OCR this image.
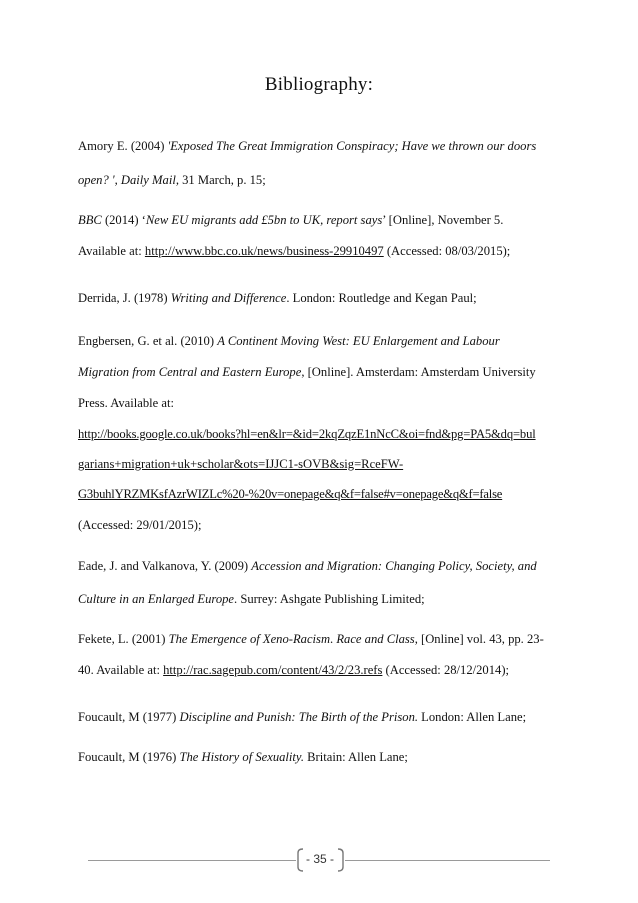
Bibliography:
Amory E. (2004) 'Exposed The Great Immigration Conspiracy; Have we thrown our doors
open? ', Daily Mail, 31 March, p. 15;
BBC (2014) ‘New EU migrants add £5bn to UK, report says’ [Online], November 5.
Available at: http://www.bbc.co.uk/news/business-29910497 (Accessed: 08/03/2015);
Derrida, J. (1978) Writing and Difference. London: Routledge and Kegan Paul;
Engbersen, G. et al. (2010) A Continent Moving West: EU Enlargement and Labour
Migration from Central and Eastern Europe, [Online]. Amsterdam: Amsterdam University
Press. Available at:
http://books.google.co.uk/books?hl=en&lr=&id=2kqZqzE1nNcC&oi=fnd&pg=PA5&dq=bul
garians+migration+uk+scholar&ots=IJJC1-sOVB&sig=RceFW-
G3buhlYRZMKsfAzrWIZLc%20-%20v=onepage&q&f=false#v=onepage&q&f=false
(Accessed: 29/01/2015);
Eade, J. and Valkanova, Y. (2009) Accession and Migration: Changing Policy, Society, and
Culture in an Enlarged Europe. Surrey: Ashgate Publishing Limited;
Fekete, L. (2001) The Emergence of Xeno-Racism. Race and Class, [Online] vol. 43, pp. 23-
40. Available at: http://rac.sagepub.com/content/43/2/23.refs (Accessed: 28/12/2014);
Foucault, M (1977) Discipline and Punish: The Birth of the Prison. London: Allen Lane;
Foucault, M (1976) The History of Sexuality. Britain: Allen Lane;
- 35 -
